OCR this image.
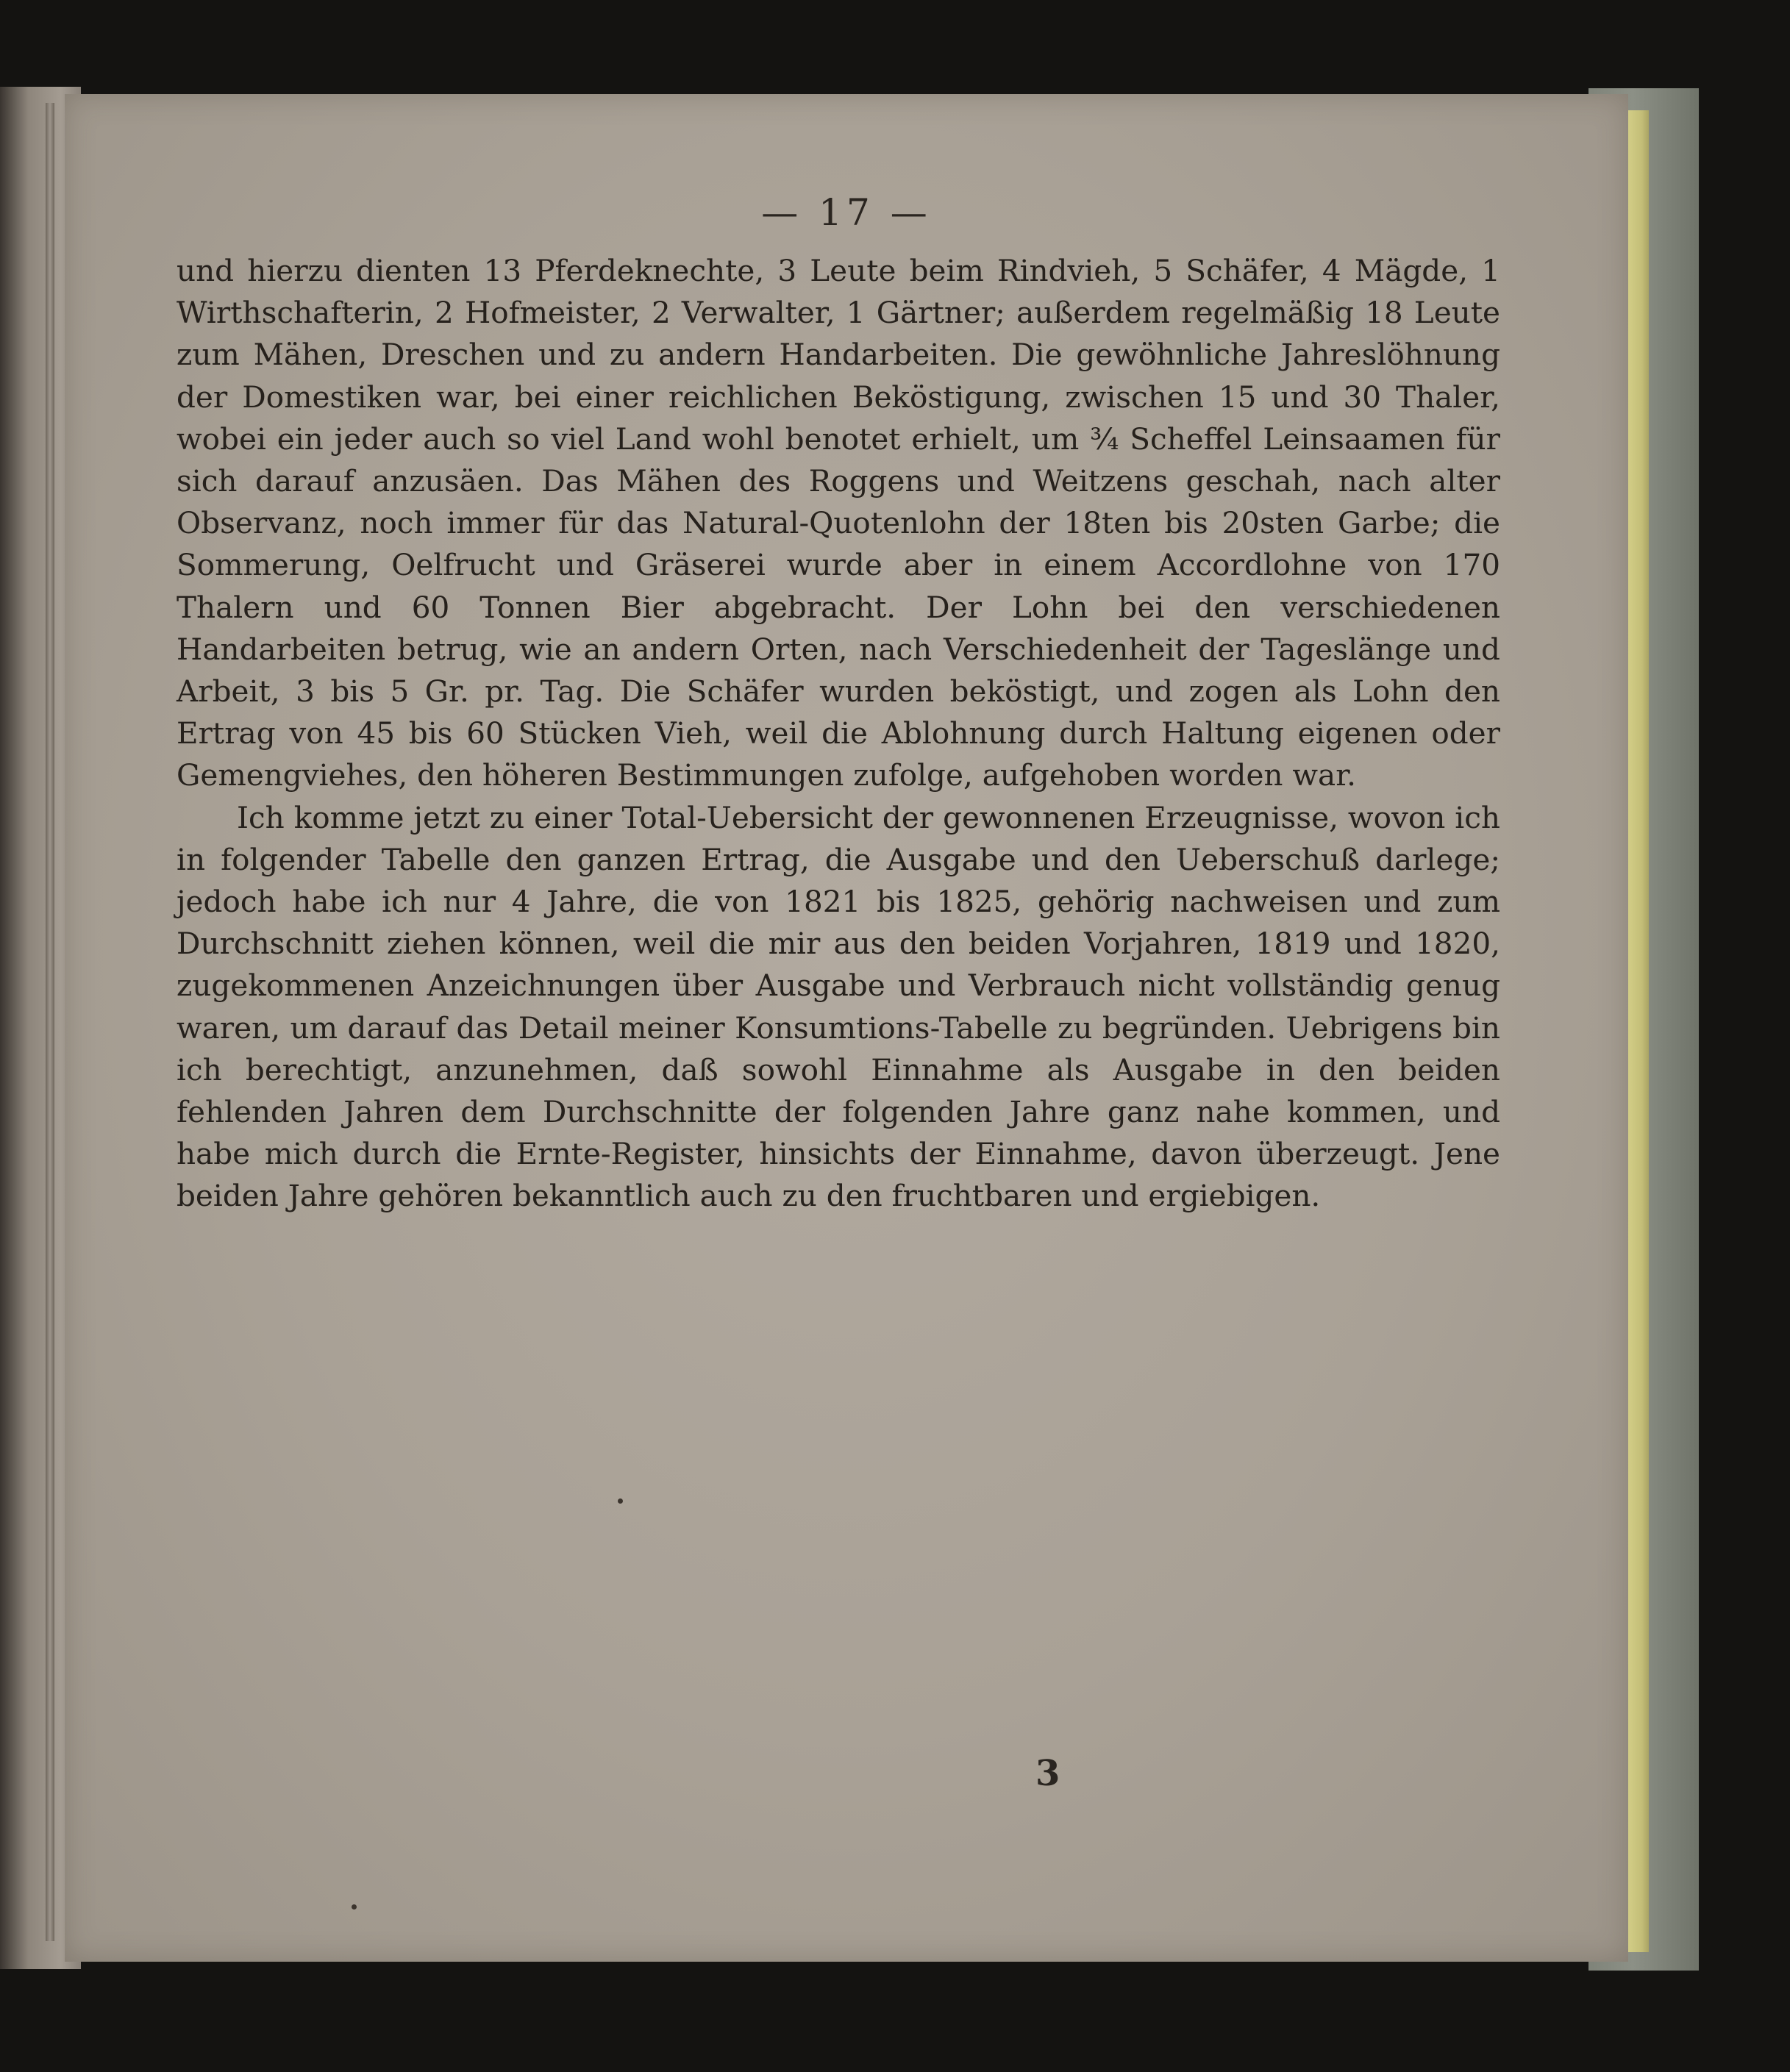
— 17 —

und hierzu dienten 13 Pferdeknechte, 3 Leute beim Rindvieh, 5 Schäfer, 4 Mägde, 1 Wirthschafterin, 2 Hofmeister, 2 Verwalter, 1 Gärtner; außerdem regelmäßig 18 Leute zum Mähen, Dreschen und zu andern Handarbeiten. Die gewöhnliche Jahreslöhnung der Domestiken war, bei einer reichlichen Beköstigung, zwischen 15 und 30 Thaler, wobei ein jeder auch so viel Land wohl benotet erhielt, um ¾ Scheffel Leinsaamen für sich darauf anzusäen. Das Mähen des Roggens und Weitzens geschah, nach alter Observanz, noch immer für das Natural-Quotenlohn der 18ten bis 20sten Garbe; die Sommerung, Oelfrucht und Gräserei wurde aber in einem Accordlohne von 170 Thalern und 60 Tonnen Bier abgebracht. Der Lohn bei den verschiedenen Handarbeiten betrug, wie an andern Orten, nach Verschiedenheit der Tageslänge und Arbeit, 3 bis 5 Gr. pr. Tag. Die Schäfer wurden beköstigt, und zogen als Lohn den Ertrag von 45 bis 60 Stücken Vieh, weil die Ablohnung durch Haltung eigenen oder Gemengviehes, den höheren Bestimmungen zufolge, aufgehoben worden war.

Ich komme jetzt zu einer Total-Uebersicht der gewonnenen Erzeugnisse, wovon ich in folgender Tabelle den ganzen Ertrag, die Ausgabe und den Ueberschuß darlege; jedoch habe ich nur 4 Jahre, die von 1821 bis 1825, gehörig nachweisen und zum Durchschnitt ziehen können, weil die mir aus den beiden Vorjahren, 1819 und 1820, zugekommenen Anzeichnungen über Ausgabe und Verbrauch nicht vollständig genug waren, um darauf das Detail meiner Konsumtions-Tabelle zu begründen. Uebrigens bin ich berechtigt, anzunehmen, daß sowohl Einnahme als Ausgabe in den beiden fehlenden Jahren dem Durchschnitte der folgenden Jahre ganz nahe kommen, und habe mich durch die Ernte-Register, hinsichts der Einnahme, davon überzeugt. Jene beiden Jahre gehören bekanntlich auch zu den fruchtbaren und ergiebigen.

3
